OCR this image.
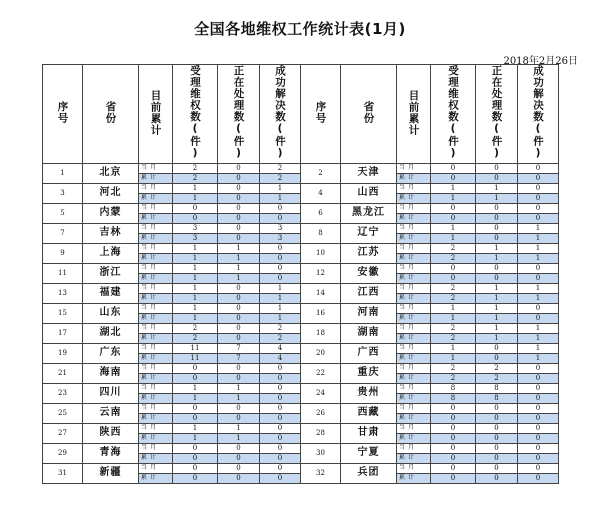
全国各地维权工作统计表(1月)
2018年2月26日
序号	省份	目前累计	受理维权数(件)	正在处理数(件)	成功解决数(件)	序号	省份	目前累计	受理维权数(件)	正在处理数(件)	成功解决数(件)
1	北京	当月	2	0	2	2	天津	当月	0	0	0
		累计	2	0	2			累计	0	0	0
3	河北	当月	1	0	1	4	山西	当月	1	1	0
		累计	1	0	1			累计	1	1	0
5	内蒙	当月	0	0	0	6	黑龙江	当月	0	0	0
		累计	0	0	0			累计	0	0	0
7	吉林	当月	3	0	3	8	辽宁	当月	1	0	1
		累计	3	0	3			累计	1	0	1
9	上海	当月	1	1	0	10	江苏	当月	2	1	1
		累计	1	1	0			累计	2	1	1
11	浙江	当月	1	1	0	12	安徽	当月	0	0	0
		累计	1	1	0			累计	0	0	0
13	福建	当月	1	0	1	14	江西	当月	2	1	1
		累计	1	0	1			累计	2	1	1
15	山东	当月	1	0	1	16	河南	当月	1	1	0
		累计	1	0	1			累计	1	1	0
17	湖北	当月	2	0	2	18	湖南	当月	2	1	1
		累计	2	0	2			累计	2	1	1
19	广东	当月	11	7	4	20	广西	当月	1	0	1
		累计	11	7	4			累计	1	0	1
21	海南	当月	0	0	0	22	重庆	当月	2	2	0
		累计	0	0	0			累计	2	2	0
23	四川	当月	1	1	0	24	贵州	当月	8	8	0
		累计	1	1	0			累计	8	8	0
25	云南	当月	0	0	0	26	西藏	当月	0	0	0
		累计	0	0	0			累计	0	0	0
27	陕西	当月	1	1	0	28	甘肃	当月	0	0	0
		累计	1	1	0			累计	0	0	0
29	青海	当月	0	0	0	30	宁夏	当月	0	0	0
		累计	0	0	0			累计	0	0	0
31	新疆	当月	0	0	0	32	兵团	当月	0	0	0
		累计	0	0	0			累计	0	0	0
